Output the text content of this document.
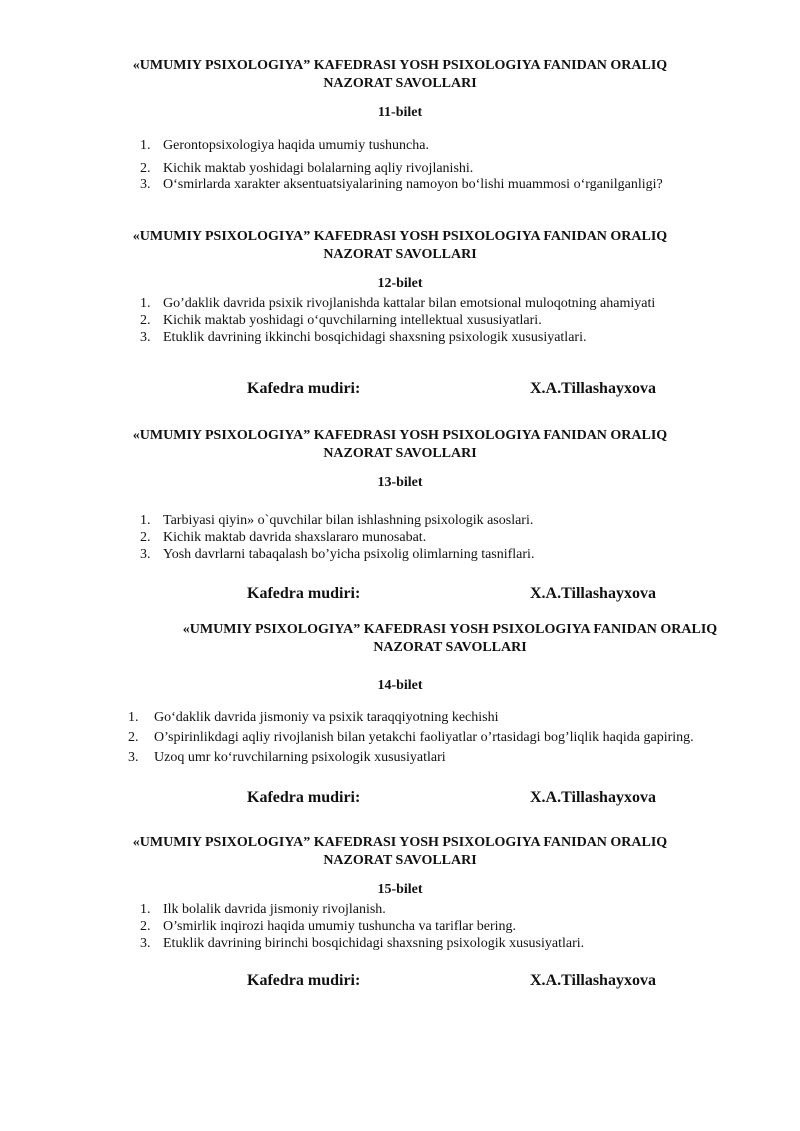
«UMUMIY PSIXOLOGIYA” KAFEDRASI YOSH PSIXOLOGIYA FANIDAN ORALIQ
NAZORAT SAVOLLARI
11-bilet
1. Gerontopsixologiya haqida umumiy tushuncha.
2. Kichik maktab yoshidagi bolalarning aqliy rivojlanishi.
3. O‘smirlarda xarakter aksentuatsiyalarining namoyon bo‘lishi muammosi o‘rganilganligi?
«UMUMIY PSIXOLOGIYA” KAFEDRASI YOSH PSIXOLOGIYA FANIDAN ORALIQ
NAZORAT SAVOLLARI
12-bilet
1. Go’daklik davrida psixik rivojlanishda kattalar bilan emotsional muloqotning ahamiyati
2. Kichik maktab yoshidagi o‘quvchilarning intellektual xususiyatlari.
3. Etuklik davrining ikkinchi bosqichidagi shaxsning psixologik xususiyatlari.
Kafedra mudiri:	X.A.Tillashayxova
«UMUMIY PSIXOLOGIYA” KAFEDRASI YOSH PSIXOLOGIYA FANIDAN ORALIQ
NAZORAT SAVOLLARI
13-bilet
1. Tarbiyasi qiyin» o`quvchilar bilan ishlashning psixologik asoslari.
2. Kichik maktab davrida shaxslararo munosabat.
3. Yosh davrlarni tabaqalash bo’yicha psixolig olimlarning tasniflari.
Kafedra mudiri:	X.A.Tillashayxova
«UMUMIY PSIXOLOGIYA” KAFEDRASI YOSH PSIXOLOGIYA FANIDAN ORALIQ
NAZORAT SAVOLLARI
14-bilet
1. Go‘daklik davrida jismoniy va psixik taraqqiyotning kechishi
2. O’spirinlikdagi aqliy rivojlanish bilan yetakchi faoliyatlar o’rtasidagi bog’liqlik haqida gapiring.
3. Uzoq umr ko‘ruvchilarning psixologik xususiyatlari
Kafedra mudiri:	X.A.Tillashayxova
«UMUMIY PSIXOLOGIYA” KAFEDRASI YOSH PSIXOLOGIYA FANIDAN ORALIQ
NAZORAT SAVOLLARI
15-bilet
1. Ilk bolalik davrida jismoniy rivojlanish.
2. O’smirlik inqirozi haqida umumiy tushuncha va tariflar bering.
3. Etuklik davrining birinchi bosqichidagi shaxsning psixologik xususiyatlari.
Kafedra mudiri:	X.A.Tillashayxova
